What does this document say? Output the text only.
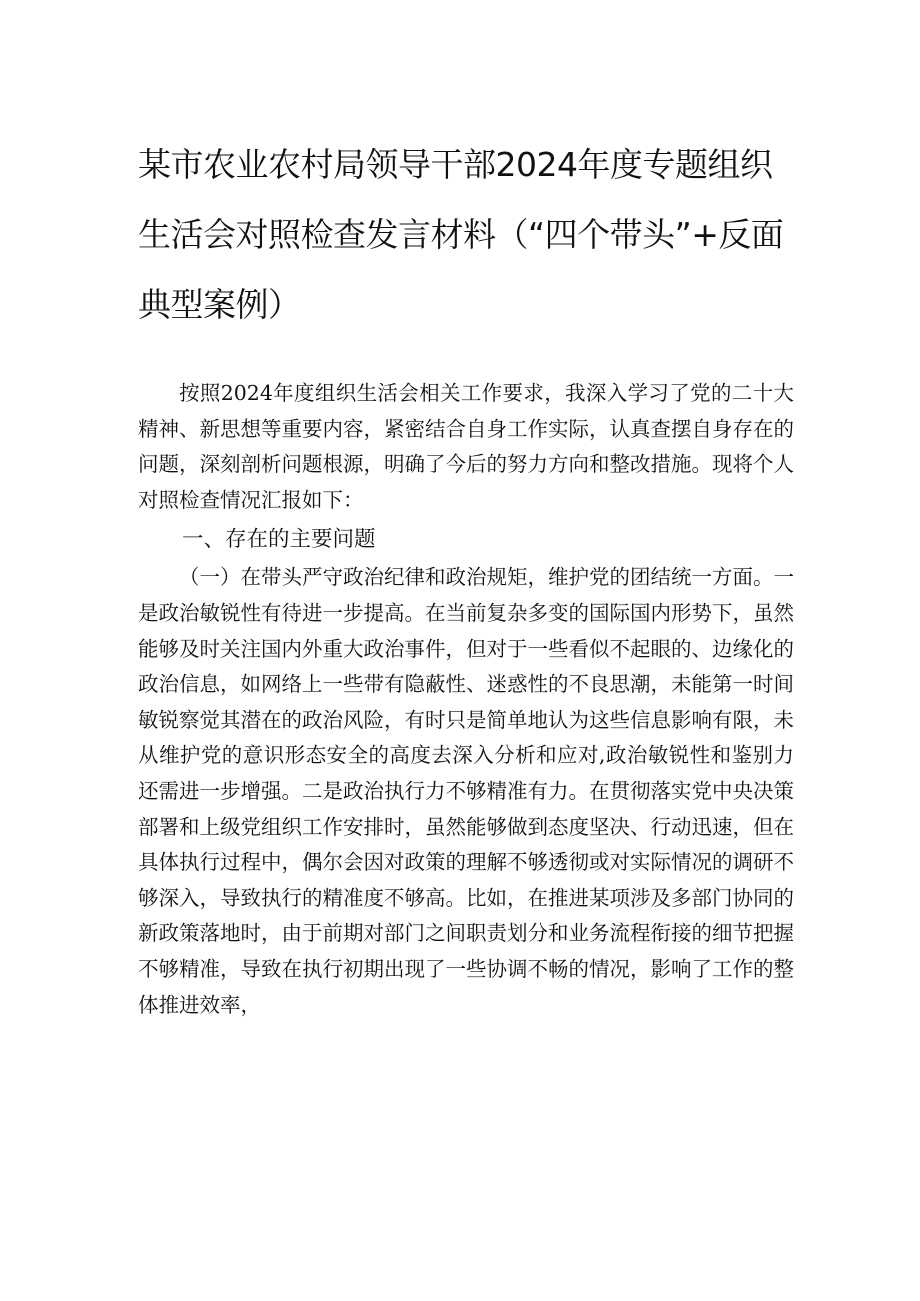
某市农业农村局领导干部2024年度专题组织生活会对照检查发言材料（“四个带头”+反面典型案例）

按照2024年度组织生活会相关工作要求，我深入学习了党的二十大精神、新思想等重要内容，紧密结合自身工作实际，认真查摆自身存在的问题，深刻剖析问题根源，明确了今后的努力方向和整改措施。现将个人对照检查情况汇报如下：

一、存在的主要问题

（一）在带头严守政治纪律和政治规矩，维护党的团结统一方面。一是政治敏锐性有待进一步提高。在当前复杂多变的国际国内形势下，虽然能够及时关注国内外重大政治事件，但对于一些看似不起眼的、边缘化的政治信息，如网络上一些带有隐蔽性、迷惑性的不良思潮，未能第一时间敏锐察觉其潜在的政治风险，有时只是简单地认为这些信息影响有限，未从维护党的意识形态安全的高度去深入分析和应对,政治敏锐性和鉴别力还需进一步增强。二是政治执行力不够精准有力。在贯彻落实党中央决策部署和上级党组织工作安排时，虽然能够做到态度坚决、行动迅速，但在具体执行过程中，偶尔会因对政策的理解不够透彻或对实际情况的调研不够深入，导致执行的精准度不够高。比如，在推进某项涉及多部门协同的新政策落地时，由于前期对部门之间职责划分和业务流程衔接的细节把握不够精准，导致在执行初期出现了一些协调不畅的情况，影响了工作的整体推进效率，
